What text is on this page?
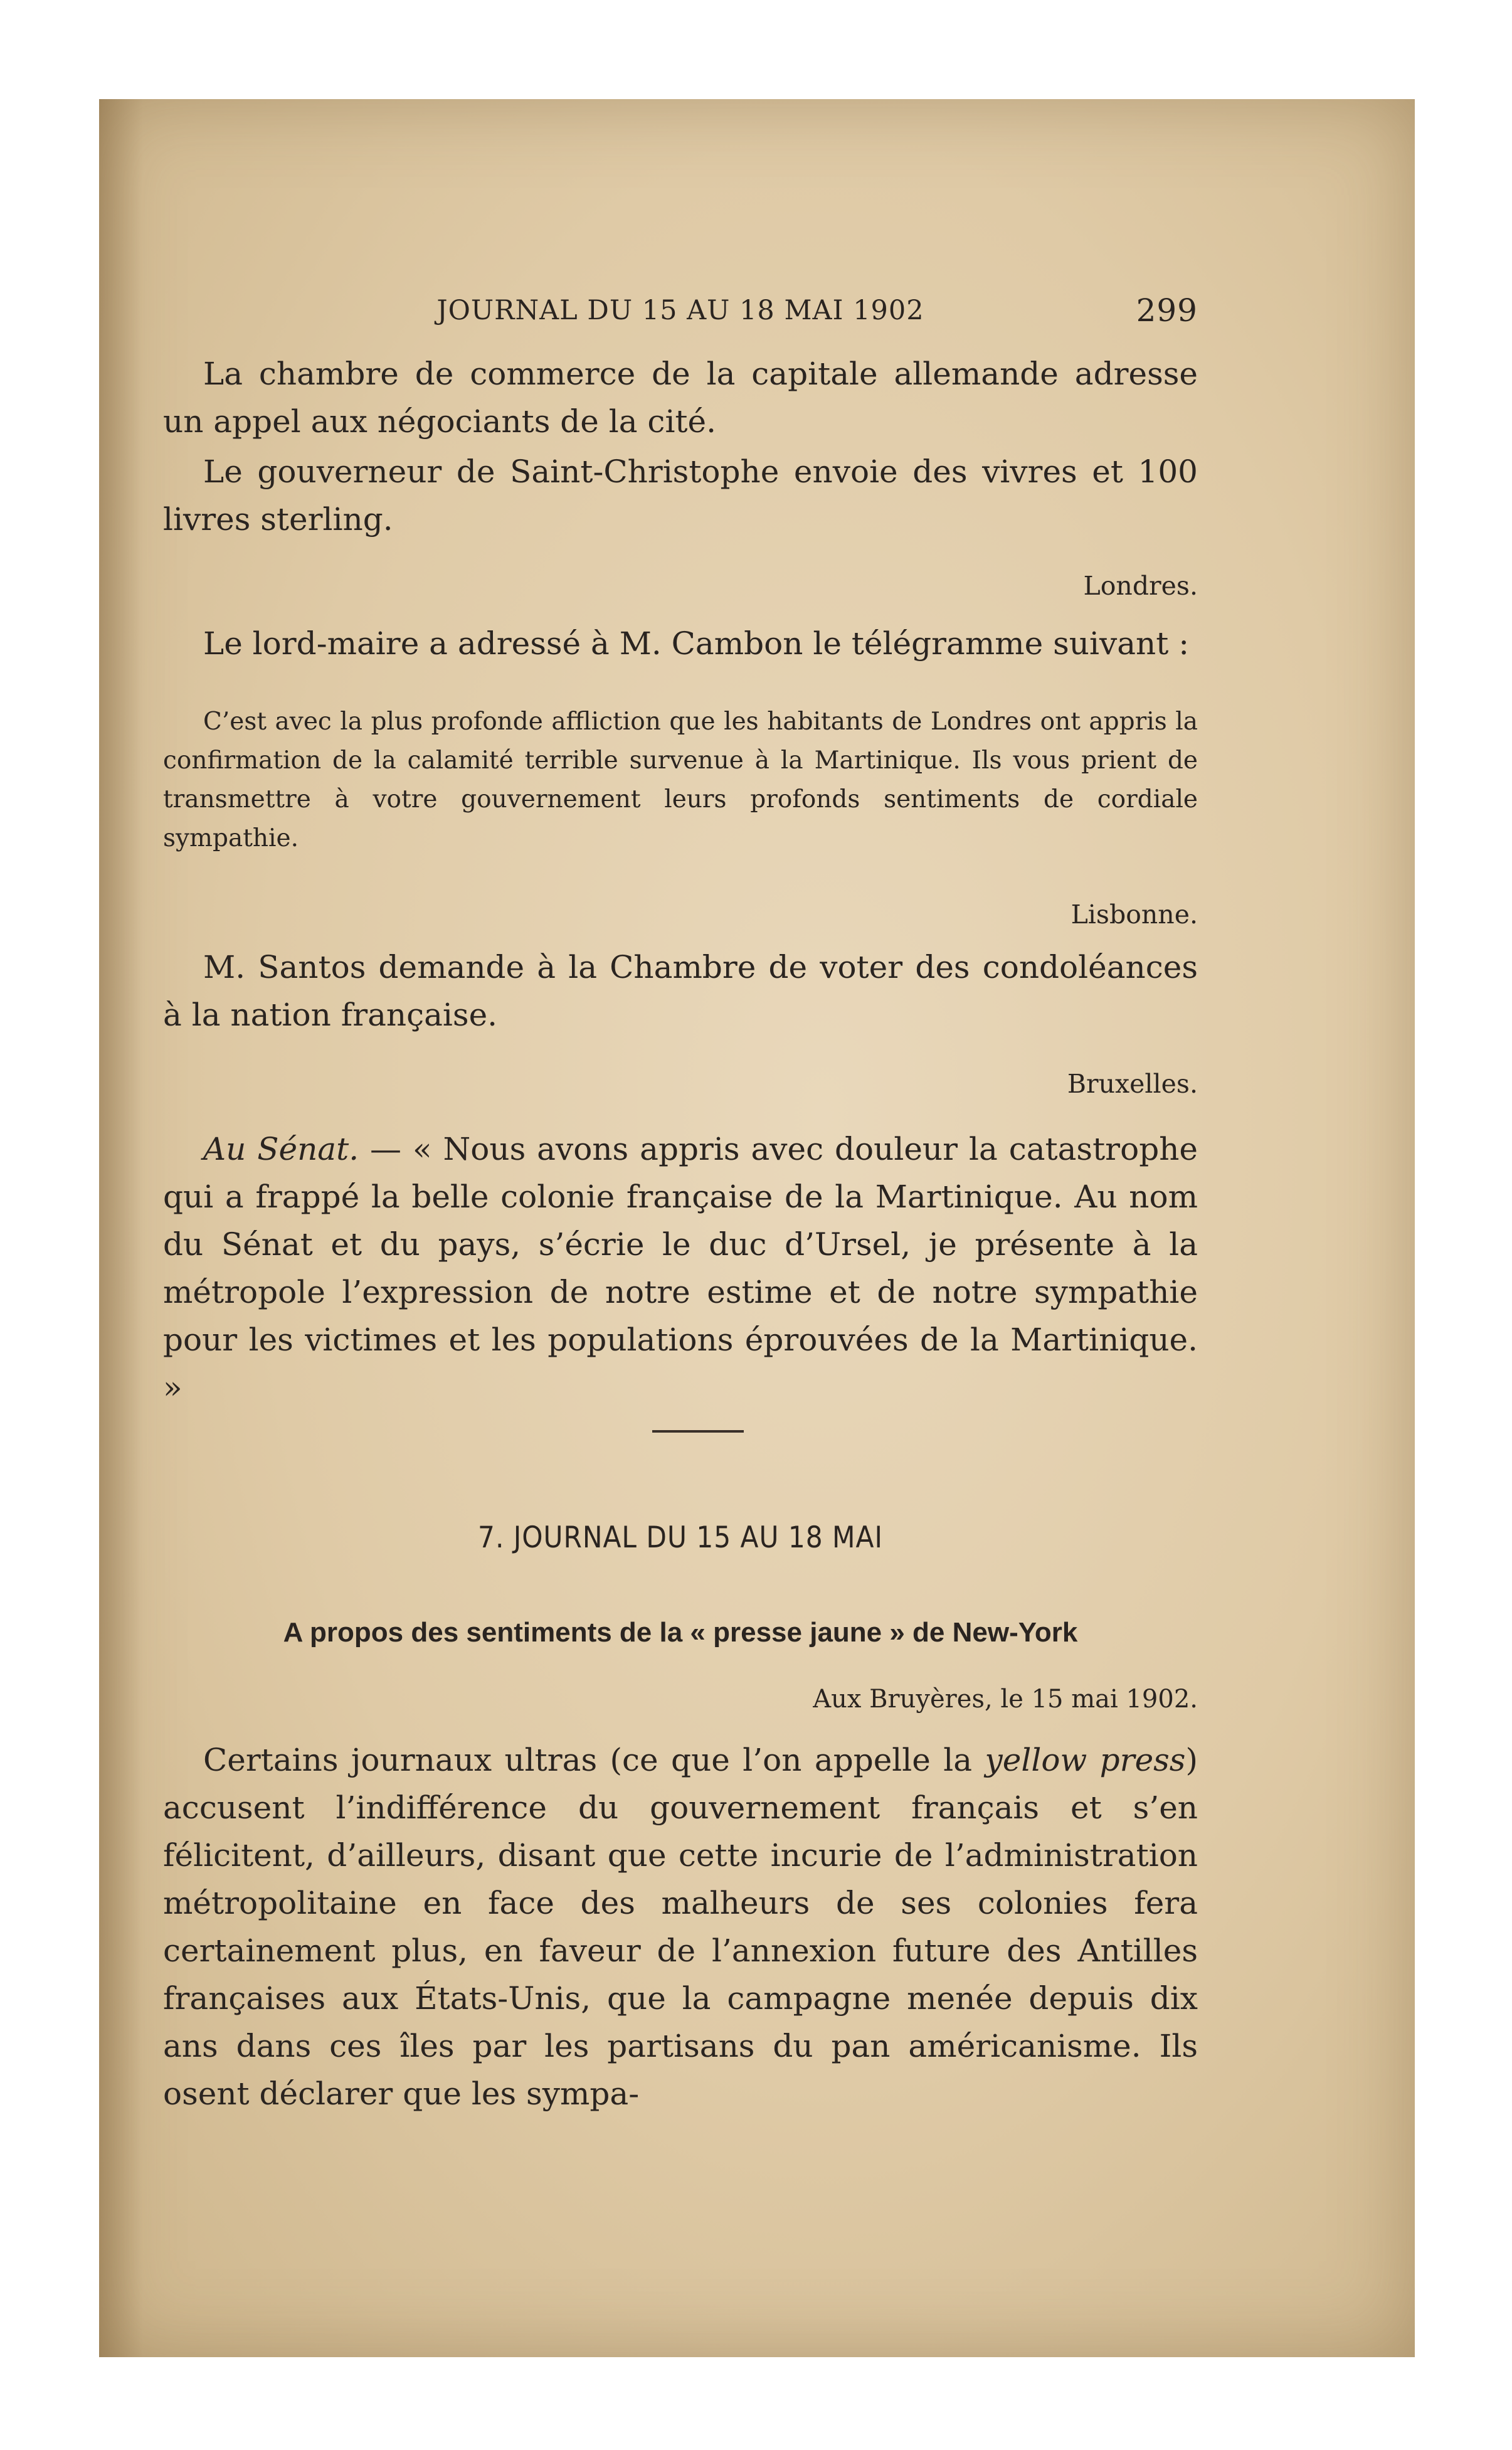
JOURNAL DU 15 AU 18 MAI 1902	299

La chambre de commerce de la capitale allemande adresse un appel aux négociants de la cité.

Le gouverneur de Saint-Christophe envoie des vivres et 100 livres sterling.

Londres.

Le lord-maire a adressé à M. Cambon le télégramme suivant :

C’est avec la plus profonde affliction que les habitants de Londres ont appris la confirmation de la calamité terrible survenue à la Martinique. Ils vous prient de transmettre à votre gouvernement leurs profonds sentiments de cordiale sympathie.

Lisbonne.

M. Santos demande à la Chambre de voter des condoléances à la nation française.

Bruxelles.

Au Sénat. — « Nous avons appris avec douleur la catastrophe qui a frappé la belle colonie française de la Martinique. Au nom du Sénat et du pays, s’écrie le duc d’Ursel, je présente à la métropole l’expression de notre estime et de notre sympathie pour les victimes et les populations éprouvées de la Martinique. »

7. JOURNAL DU 15 AU 18 MAI
A propos des sentiments de la « presse jaune » de New-York
Aux Bruyères, le 15 mai 1902.

Certains journaux ultras (ce que l’on appelle la yellow press) accusent l’indifférence du gouvernement français et s’en félicitent, d’ailleurs, disant que cette incurie de l’administration métropolitaine en face des malheurs de ses colonies fera certainement plus, en faveur de l’annexion future des Antilles françaises aux États-Unis, que la campagne menée depuis dix ans dans ces îles par les partisans du pan américanisme. Ils osent déclarer que les sympa-
